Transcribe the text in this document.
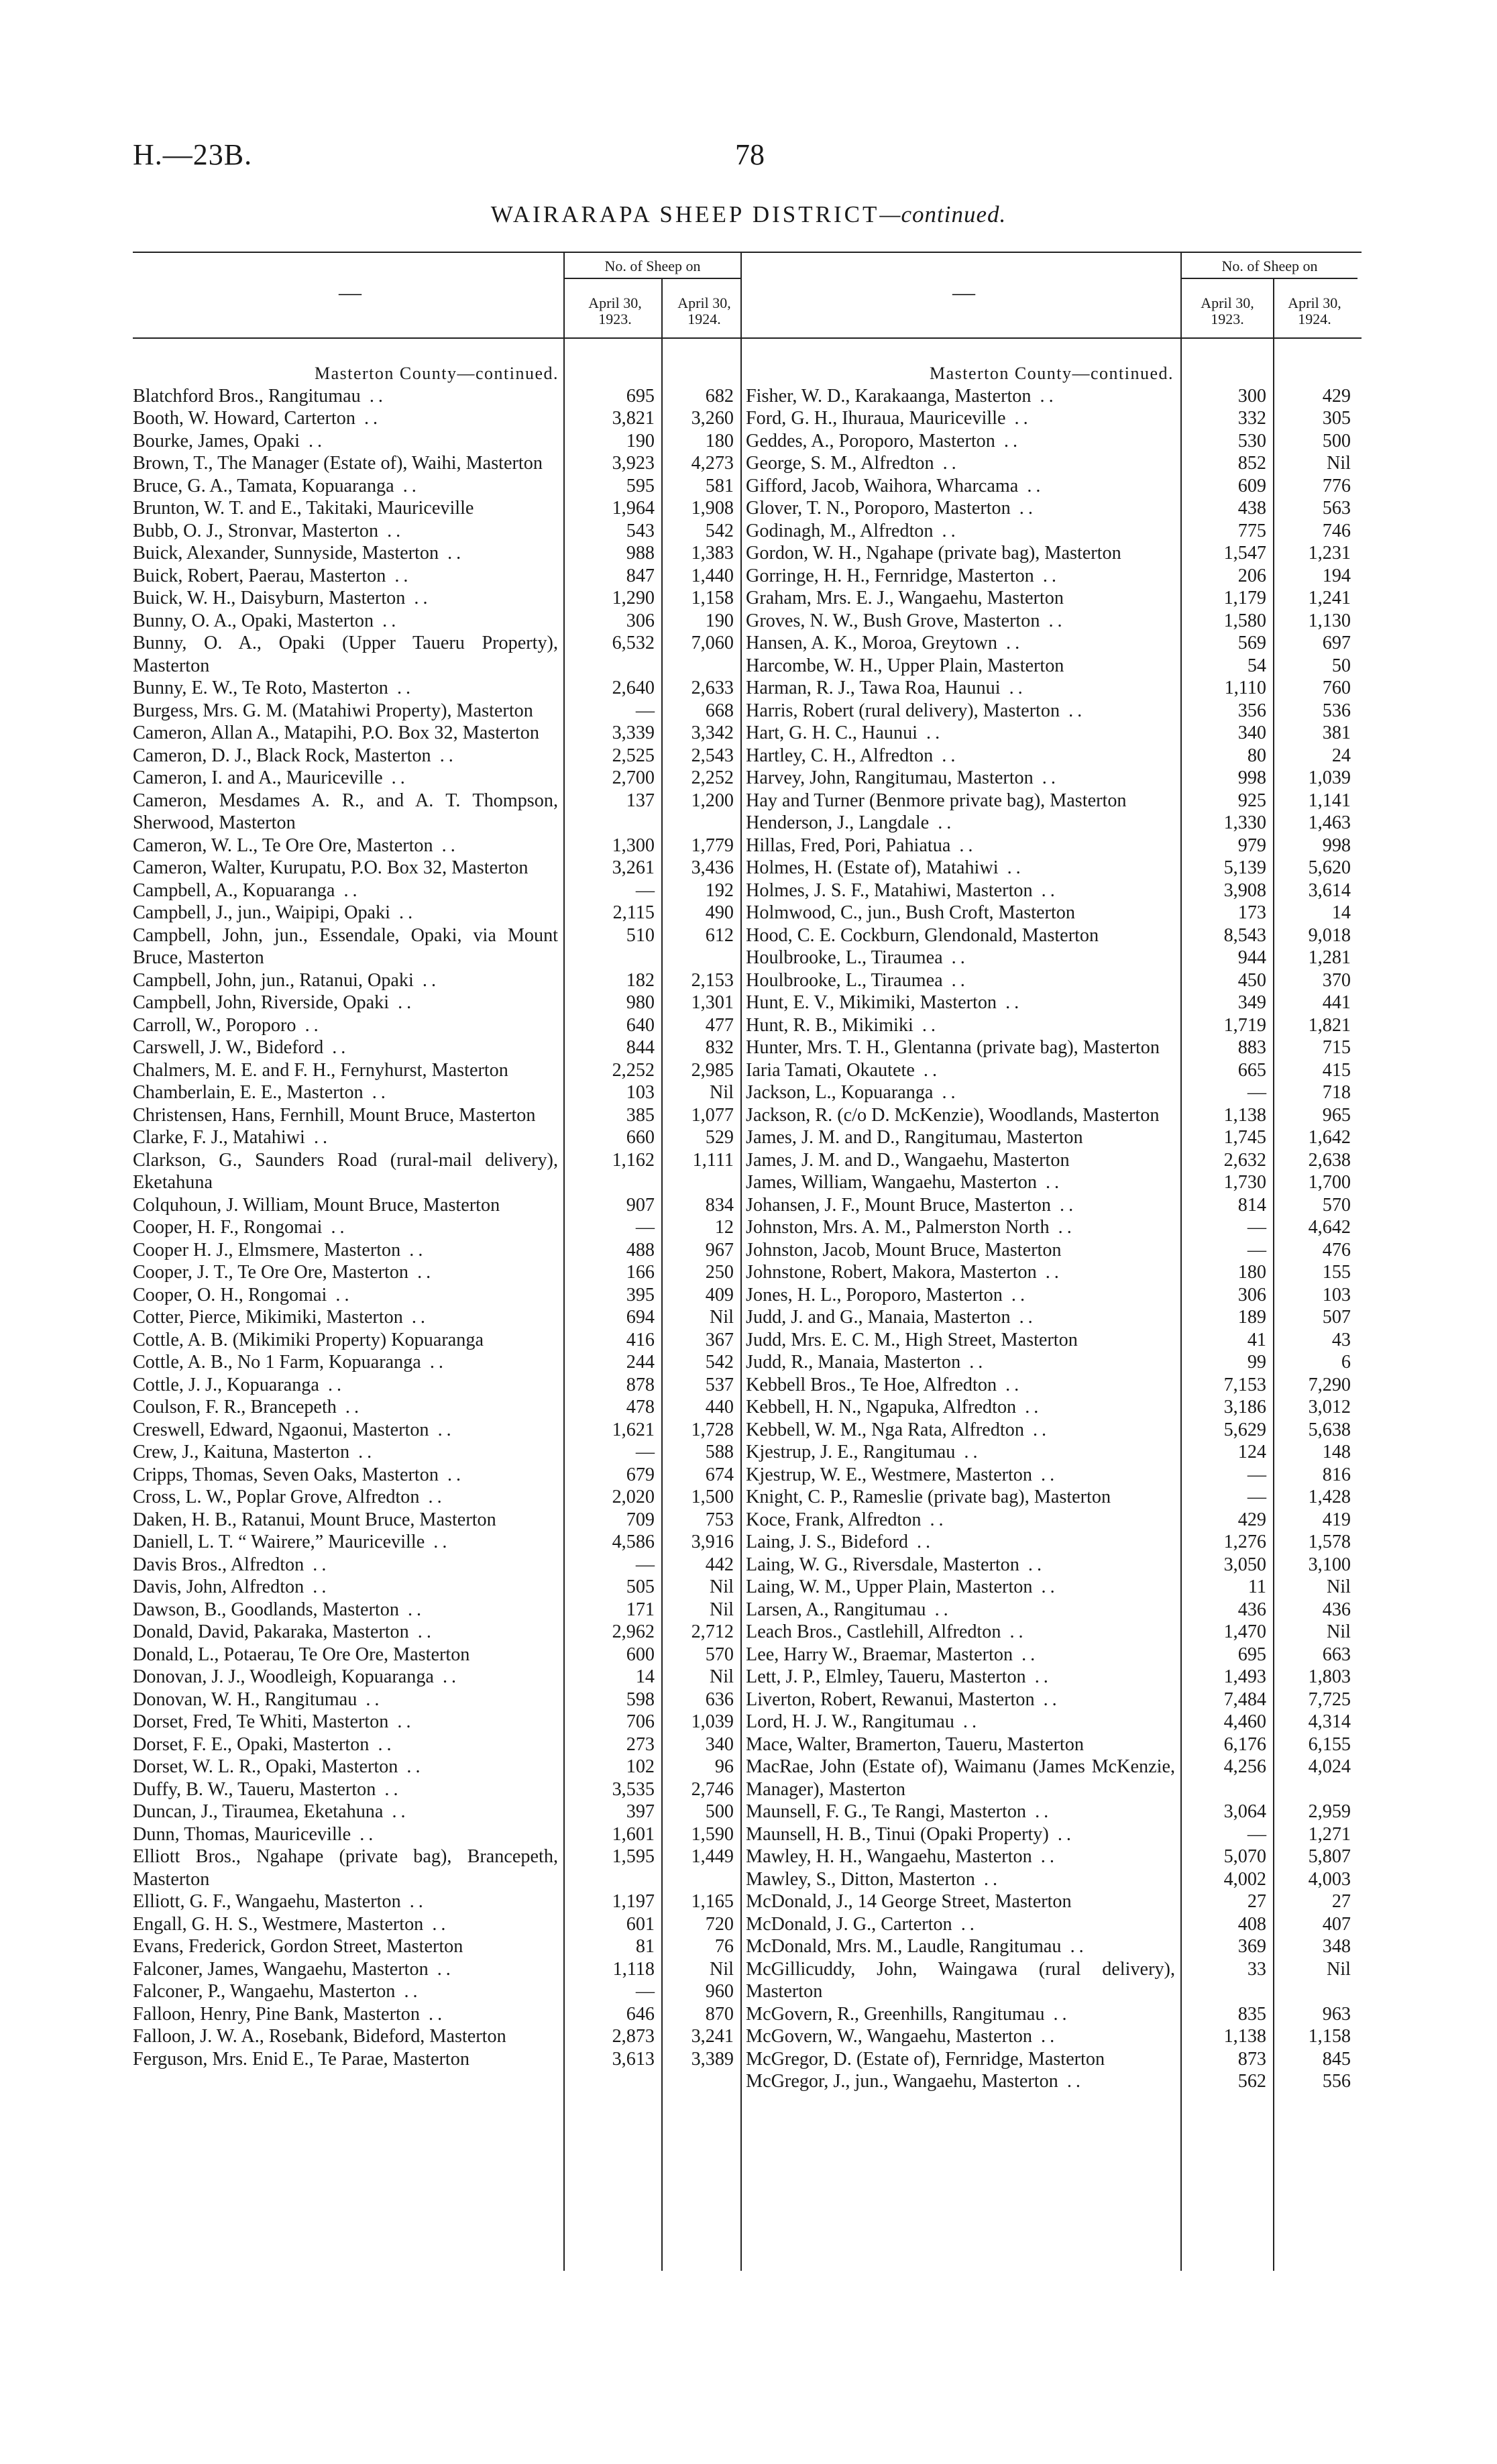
H.—23B.	78
WAIRARAPA SHEEP DISTRICT—continued.
—
No. of Sheep on
April 30, 1923.
April 30, 1924.
—
No. of Sheep on
April 30, 1923.
April 30, 1924.
Masterton County—continued.
Blatchford Bros., Rangitumau ..	695	682
Booth, W. Howard, Carterton ..	3,821	3,260
Bourke, James, Opaki ..	190	180
Brown, T., The Manager (Estate of), Waihi, Masterton	3,923	4,273
Bruce, G. A., Tamata, Kopuaranga ..	595	581
Brunton, W. T. and E., Takitaki, Mauriceville	1,964	1,908
Bubb, O. J., Stronvar, Masterton ..	543	542
Buick, Alexander, Sunnyside, Masterton ..	988	1,383
Buick, Robert, Paerau, Masterton ..	847	1,440
Buick, W. H., Daisyburn, Masterton ..	1,290	1,158
Bunny, O. A., Opaki, Masterton ..	306	190
Bunny, O. A., Opaki (Upper Taueru Property), Masterton
6,532	7,060
Bunny, E. W., Te Roto, Masterton ..	2,640	2,633
Burgess, Mrs. G. M. (Matahiwi Property), Masterton	—	668
Cameron, Allan A., Matapihi, P.O. Box 32, Masterton	3,339	3,342
Cameron, D. J., Black Rock, Masterton ..	2,525	2,543
Cameron, I. and A., Mauriceville ..	2,700	2,252
Cameron, Mesdames A. R., and A. T. Thompson, Sherwood, Masterton
137	1,200
Cameron, W. L., Te Ore Ore, Masterton ..	1,300	1,779
Cameron, Walter, Kurupatu, P.O. Box 32, Masterton	3,261	3,436
Campbell, A., Kopuaranga ..	—	192
Campbell, J., jun., Waipipi, Opaki ..	2,115	490
Campbell, John, jun., Essendale, Opaki, via Mount Bruce, Masterton
510	612
Campbell, John, jun., Ratanui, Opaki ..	182	2,153
Campbell, John, Riverside, Opaki ..	980	1,301
Carroll, W., Poroporo ..	640	477
Carswell, J. W., Bideford ..	844	832
Chalmers, M. E. and F. H., Fernyhurst, Masterton	2,252	2,985
Chamberlain, E. E., Masterton ..	103	Nil
Christensen, Hans, Fernhill, Mount Bruce, Masterton	385	1,077
Clarke, F. J., Matahiwi ..	660	529
Clarkson, G., Saunders Road (rural-mail delivery), Eketahuna
1,162	1,111
Colquhoun, J. William, Mount Bruce, Masterton	907	834
Cooper, H. F., Rongomai ..	—	12
Cooper H. J., Elmsmere, Masterton ..	488	967
Cooper, J. T., Te Ore Ore, Masterton ..	166	250
Cooper, O. H., Rongomai ..	395	409
Cotter, Pierce, Mikimiki, Masterton ..	694	Nil
Cottle, A. B. (Mikimiki Property) Kopuaranga	416	367
Cottle, A. B., No 1 Farm, Kopuaranga ..	244	542
Cottle, J. J., Kopuaranga ..	878	537
Coulson, F. R., Brancepeth ..	478	440
Creswell, Edward, Ngaonui, Masterton ..	1,621	1,728
Crew, J., Kaituna, Masterton ..	—	588
Cripps, Thomas, Seven Oaks, Masterton ..	679	674
Cross, L. W., Poplar Grove, Alfredton ..	2,020	1,500
Daken, H. B., Ratanui, Mount Bruce, Masterton	709	753
Daniell, L. T. “ Wairere,” Mauriceville ..	4,586	3,916
Davis Bros., Alfredton ..	—	442
Davis, John, Alfredton ..	505	Nil
Dawson, B., Goodlands, Masterton ..	171	Nil
Donald, David, Pakaraka, Masterton ..	2,962	2,712
Donald, L., Potaerau, Te Ore Ore, Masterton	600	570
Donovan, J. J., Woodleigh, Kopuaranga ..	14	Nil
Donovan, W. H., Rangitumau ..	598	636
Dorset, Fred, Te Whiti, Masterton ..	706	1,039
Dorset, F. E., Opaki, Masterton ..	273	340
Dorset, W. L. R., Opaki, Masterton ..	102	96
Duffy, B. W., Taueru, Masterton ..	3,535	2,746
Duncan, J., Tiraumea, Eketahuna ..	397	500
Dunn, Thomas, Mauriceville ..	1,601	1,590
Elliott Bros., Ngahape (private bag), Brancepeth, Masterton
1,595	1,449
Elliott, G. F., Wangaehu, Masterton ..	1,197	1,165
Engall, G. H. S., Westmere, Masterton ..	601	720
Evans, Frederick, Gordon Street, Masterton	81	76
Falconer, James, Wangaehu, Masterton ..	1,118	Nil
Falconer, P., Wangaehu, Masterton ..	—	960
Falloon, Henry, Pine Bank, Masterton ..	646	870
Falloon, J. W. A., Rosebank, Bideford, Masterton	2,873	3,241
Ferguson, Mrs. Enid E., Te Parae, Masterton	3,613	3,389
Masterton County—continued.
Fisher, W. D., Karakaanga, Masterton ..	300	429
Ford, G. H., Ihuraua, Mauriceville ..	332	305
Geddes, A., Poroporo, Masterton ..	530	500
George, S. M., Alfredton ..	852	Nil
Gifford, Jacob, Waihora, Wharcama ..	609	776
Glover, T. N., Poroporo, Masterton ..	438	563
Godinagh, M., Alfredton ..	775	746
Gordon, W. H., Ngahape (private bag), Masterton	1,547	1,231
Gorringe, H. H., Fernridge, Masterton ..	206	194
Graham, Mrs. E. J., Wangaehu, Masterton	1,179	1,241
Groves, N. W., Bush Grove, Masterton ..	1,580	1,130
Hansen, A. K., Moroa, Greytown ..	569	697
Harcombe, W. H., Upper Plain, Masterton	54	50
Harman, R. J., Tawa Roa, Haunui ..	1,110	760
Harris, Robert (rural delivery), Masterton ..	356	536
Hart, G. H. C., Haunui ..	340	381
Hartley, C. H., Alfredton ..	80	24
Harvey, John, Rangitumau, Masterton ..	998	1,039
Hay and Turner (Benmore private bag), Masterton	925	1,141
Henderson, J., Langdale ..	1,330	1,463
Hillas, Fred, Pori, Pahiatua ..	979	998
Holmes, H. (Estate of), Matahiwi ..	5,139	5,620
Holmes, J. S. F., Matahiwi, Masterton ..	3,908	3,614
Holmwood, C., jun., Bush Croft, Masterton	173	14
Hood, C. E. Cockburn, Glendonald, Masterton	8,543	9,018
Houlbrooke, L., Tiraumea ..	944	1,281
Houlbrooke, L., Tiraumea ..	450	370
Hunt, E. V., Mikimiki, Masterton ..	349	441
Hunt, R. B., Mikimiki ..	1,719	1,821
Hunter, Mrs. T. H., Glentanna (private bag), Masterton	883	715
Iaria Tamati, Okautete ..	665	415
Jackson, L., Kopuaranga ..	—	718
Jackson, R. (c/o D. McKenzie), Woodlands, Masterton	1,138	965
James, J. M. and D., Rangitumau, Masterton	1,745	1,642
James, J. M. and D., Wangaehu, Masterton	2,632	2,638
James, William, Wangaehu, Masterton ..	1,730	1,700
Johansen, J. F., Mount Bruce, Masterton ..	814	570
Johnston, Mrs. A. M., Palmerston North ..	—	4,642
Johnston, Jacob, Mount Bruce, Masterton	—	476
Johnstone, Robert, Makora, Masterton ..	180	155
Jones, H. L., Poroporo, Masterton ..	306	103
Judd, J. and G., Manaia, Masterton ..	189	507
Judd, Mrs. E. C. M., High Street, Masterton	41	43
Judd, R., Manaia, Masterton ..	99	6
Kebbell Bros., Te Hoe, Alfredton ..	7,153	7,290
Kebbell, H. N., Ngapuka, Alfredton ..	3,186	3,012
Kebbell, W. M., Nga Rata, Alfredton ..	5,629	5,638
Kjestrup, J. E., Rangitumau ..	124	148
Kjestrup, W. E., Westmere, Masterton ..	—	816
Knight, C. P., Rameslie (private bag), Masterton	—	1,428
Koce, Frank, Alfredton ..	429	419
Laing, J. S., Bideford ..	1,276	1,578
Laing, W. G., Riversdale, Masterton ..	3,050	3,100
Laing, W. M., Upper Plain, Masterton ..	11	Nil
Larsen, A., Rangitumau ..	436	436
Leach Bros., Castlehill, Alfredton ..	1,470	Nil
Lee, Harry W., Braemar, Masterton ..	695	663
Lett, J. P., Elmley, Taueru, Masterton ..	1,493	1,803
Liverton, Robert, Rewanui, Masterton ..	7,484	7,725
Lord, H. J. W., Rangitumau ..	4,460	4,314
Mace, Walter, Bramerton, Taueru, Masterton	6,176	6,155
MacRae, John (Estate of), Waimanu (James McKenzie, Manager), Masterton
4,256	4,024
Maunsell, F. G., Te Rangi, Masterton ..	3,064	2,959
Maunsell, H. B., Tinui (Opaki Property) ..	—	1,271
Mawley, H. H., Wangaehu, Masterton ..	5,070	5,807
Mawley, S., Ditton, Masterton ..	4,002	4,003
McDonald, J., 14 George Street, Masterton	27	27
McDonald, J. G., Carterton ..	408	407
McDonald, Mrs. M., Laudle, Rangitumau ..	369	348
McGillicuddy, John, Waingawa (rural delivery), Masterton
33	Nil
McGovern, R., Greenhills, Rangitumau ..	835	963
McGovern, W., Wangaehu, Masterton ..	1,138	1,158
McGregor, D. (Estate of), Fernridge, Masterton	873	845
McGregor, J., jun., Wangaehu, Masterton ..	562	556
